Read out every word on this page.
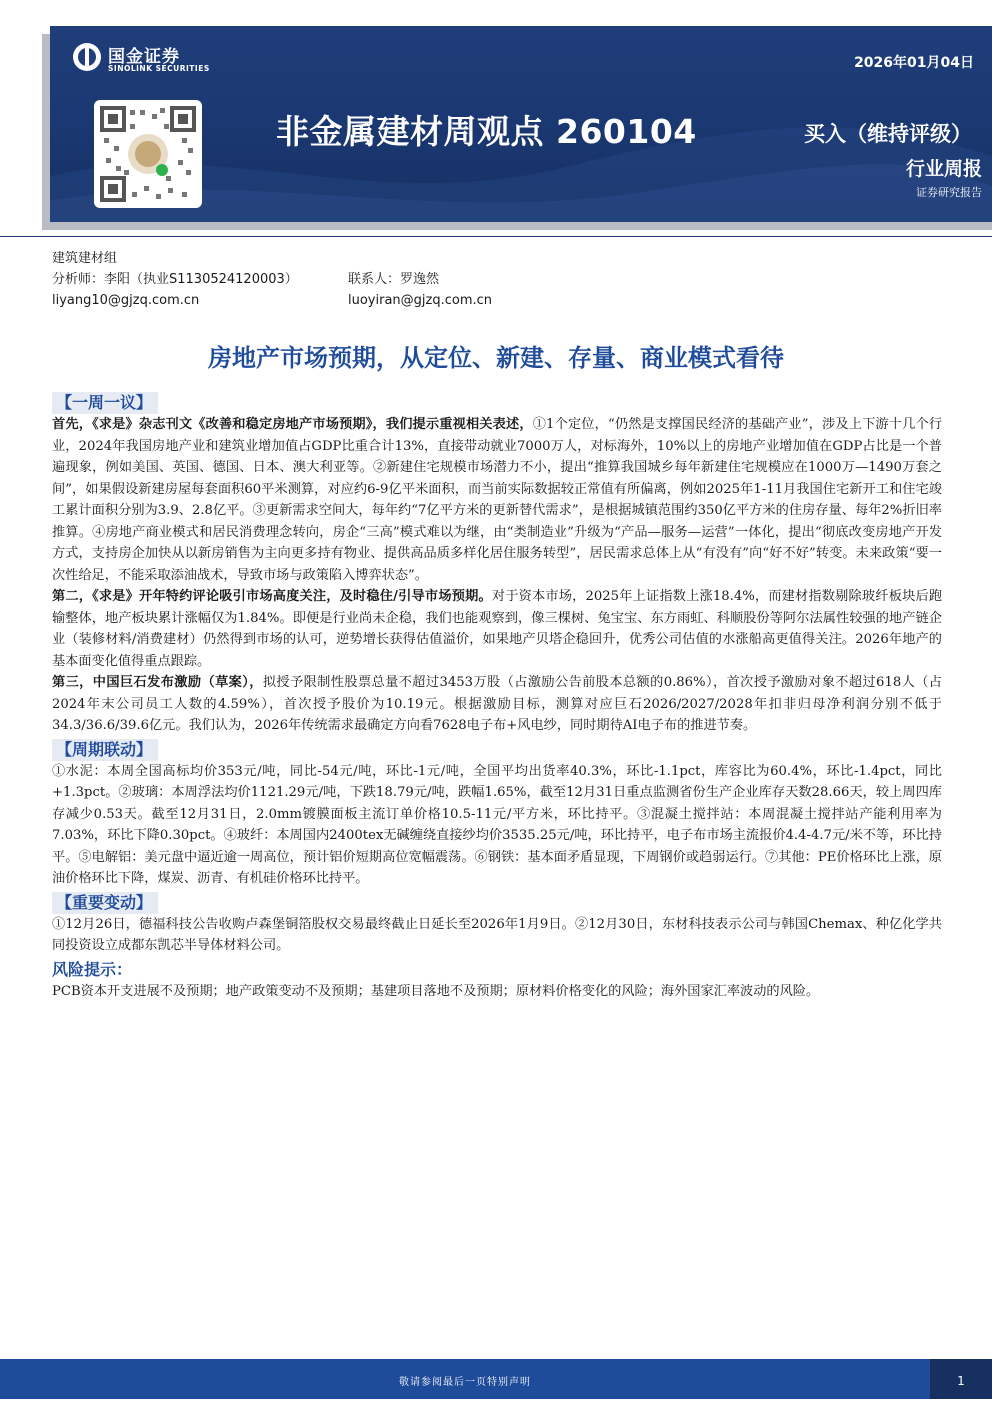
国金证券
SINOLINK SECURITIES	2026年01月04日
非金属建材周观点 260104	买入（维持评级）
行业周报
证券研究报告
建筑建材组
分析师：李阳（执业S1130524120003）
liyang10@gjzq.com.cn
联系人：罗逸然
luoyiran@gjzq.com.cn
房地产市场预期，从定位、新建、存量、商业模式看待
【一周一议】

首先，《求是》杂志刊文《改善和稳定房地产市场预期》，我们提示重视相关表述，①1个定位，“仍然是支撑国民经济的基础产业”，涉及上下游十几个行业，2024年我国房地产业和建筑业增加值占GDP比重合计13%，直接带动就业7000万人，对标海外，10%以上的房地产业增加值在GDP占比是一个普遍现象，例如美国、英国、德国、日本、澳大利亚等。②新建住宅规模市场潜力不小，提出“推算我国城乡每年新建住宅规模应在1000万—1490万套之间”，如果假设新建房屋每套面积60平米测算，对应约6-9亿平米面积，而当前实际数据较正常值有所偏离，例如2025年1-11月我国住宅新开工和住宅竣工累计面积分别为3.9、2.8亿平。③更新需求空间大，每年约“7亿平方米的更新替代需求”，是根据城镇范围约350亿平方米的住房存量、每年2%折旧率推算。④房地产商业模式和居民消费理念转向，房企“三高”模式难以为继，由“类制造业”升级为“产品—服务—运营”一体化，提出“彻底改变房地产开发方式，支持房企加快从以新房销售为主向更多持有物业、提供高品质多样化居住服务转型”，居民需求总体上从“有没有”向“好不好”转变。未来政策“要一次性给足，不能采取添油战术，导致市场与政策陷入博弈状态”。

第二，《求是》开年特约评论吸引市场高度关注，及时稳住/引导市场预期。对于资本市场，2025年上证指数上涨18.4%，而建材指数剔除玻纤板块后跑输整体，地产板块累计涨幅仅为1.84%。即便是行业尚未企稳，我们也能观察到，像三棵树、兔宝宝、东方雨虹、科顺股份等阿尔法属性较强的地产链企业（装修材料/消费建材）仍然得到市场的认可，逆势增长获得估值溢价，如果地产贝塔企稳回升，优秀公司估值的水涨船高更值得关注。2026年地产的基本面变化值得重点跟踪。

第三，中国巨石发布激励（草案），拟授予限制性股票总量不超过3453万股（占激励公告前股本总额的0.86%），首次授予激励对象不超过618人（占2024年末公司员工人数的4.59%），首次授予股价为10.19元。根据激励目标，测算对应巨石2026/2027/2028年扣非归母净利润分别不低于34.3/36.6/39.6亿元。我们认为，2026年传统需求最确定方向看7628电子布+风电纱，同时期待AI电子布的推进节奏。

【周期联动】

①水泥：本周全国高标均价353元/吨，同比-54元/吨，环比-1元/吨，全国平均出货率40.3%，环比-1.1pct，库容比为60.4%，环比-1.4pct，同比+1.3pct。②玻璃：本周浮法均价1121.29元/吨，下跌18.79元/吨，跌幅1.65%，截至12月31日重点监测省份生产企业库存天数28.66天，较上周四库存减少0.53天。截至12月31日，2.0mm镀膜面板主流订单价格10.5-11元/平方米，环比持平。③混凝土搅拌站：本周混凝土搅拌站产能利用率为7.03%，环比下降0.30pct。④玻纤：本周国内2400tex无碱缠绕直接纱均价3535.25元/吨，环比持平，电子布市场主流报价4.4-4.7元/米不等，环比持平。⑤电解铝：美元盘中逼近逾一周高位，预计铝价短期高位宽幅震荡。⑥钢铁：基本面矛盾显现，下周钢价或趋弱运行。⑦其他：PE价格环比上涨，原油价格环比下降，煤炭、沥青、有机硅价格环比持平。

【重要变动】

①12月26日，德福科技公告收购卢森堡铜箔股权交易最终截止日延长至2026年1月9日。②12月30日，东材科技表示公司与韩国Chemax、种亿化学共同投资设立成都东凯芯半导体材料公司。

风险提示：

PCB资本开支进展不及预期；地产政策变动不及预期；基建项目落地不及预期；原材料价格变化的风险；海外国家汇率波动的风险。

敬请参阅最后一页特别声明	1
